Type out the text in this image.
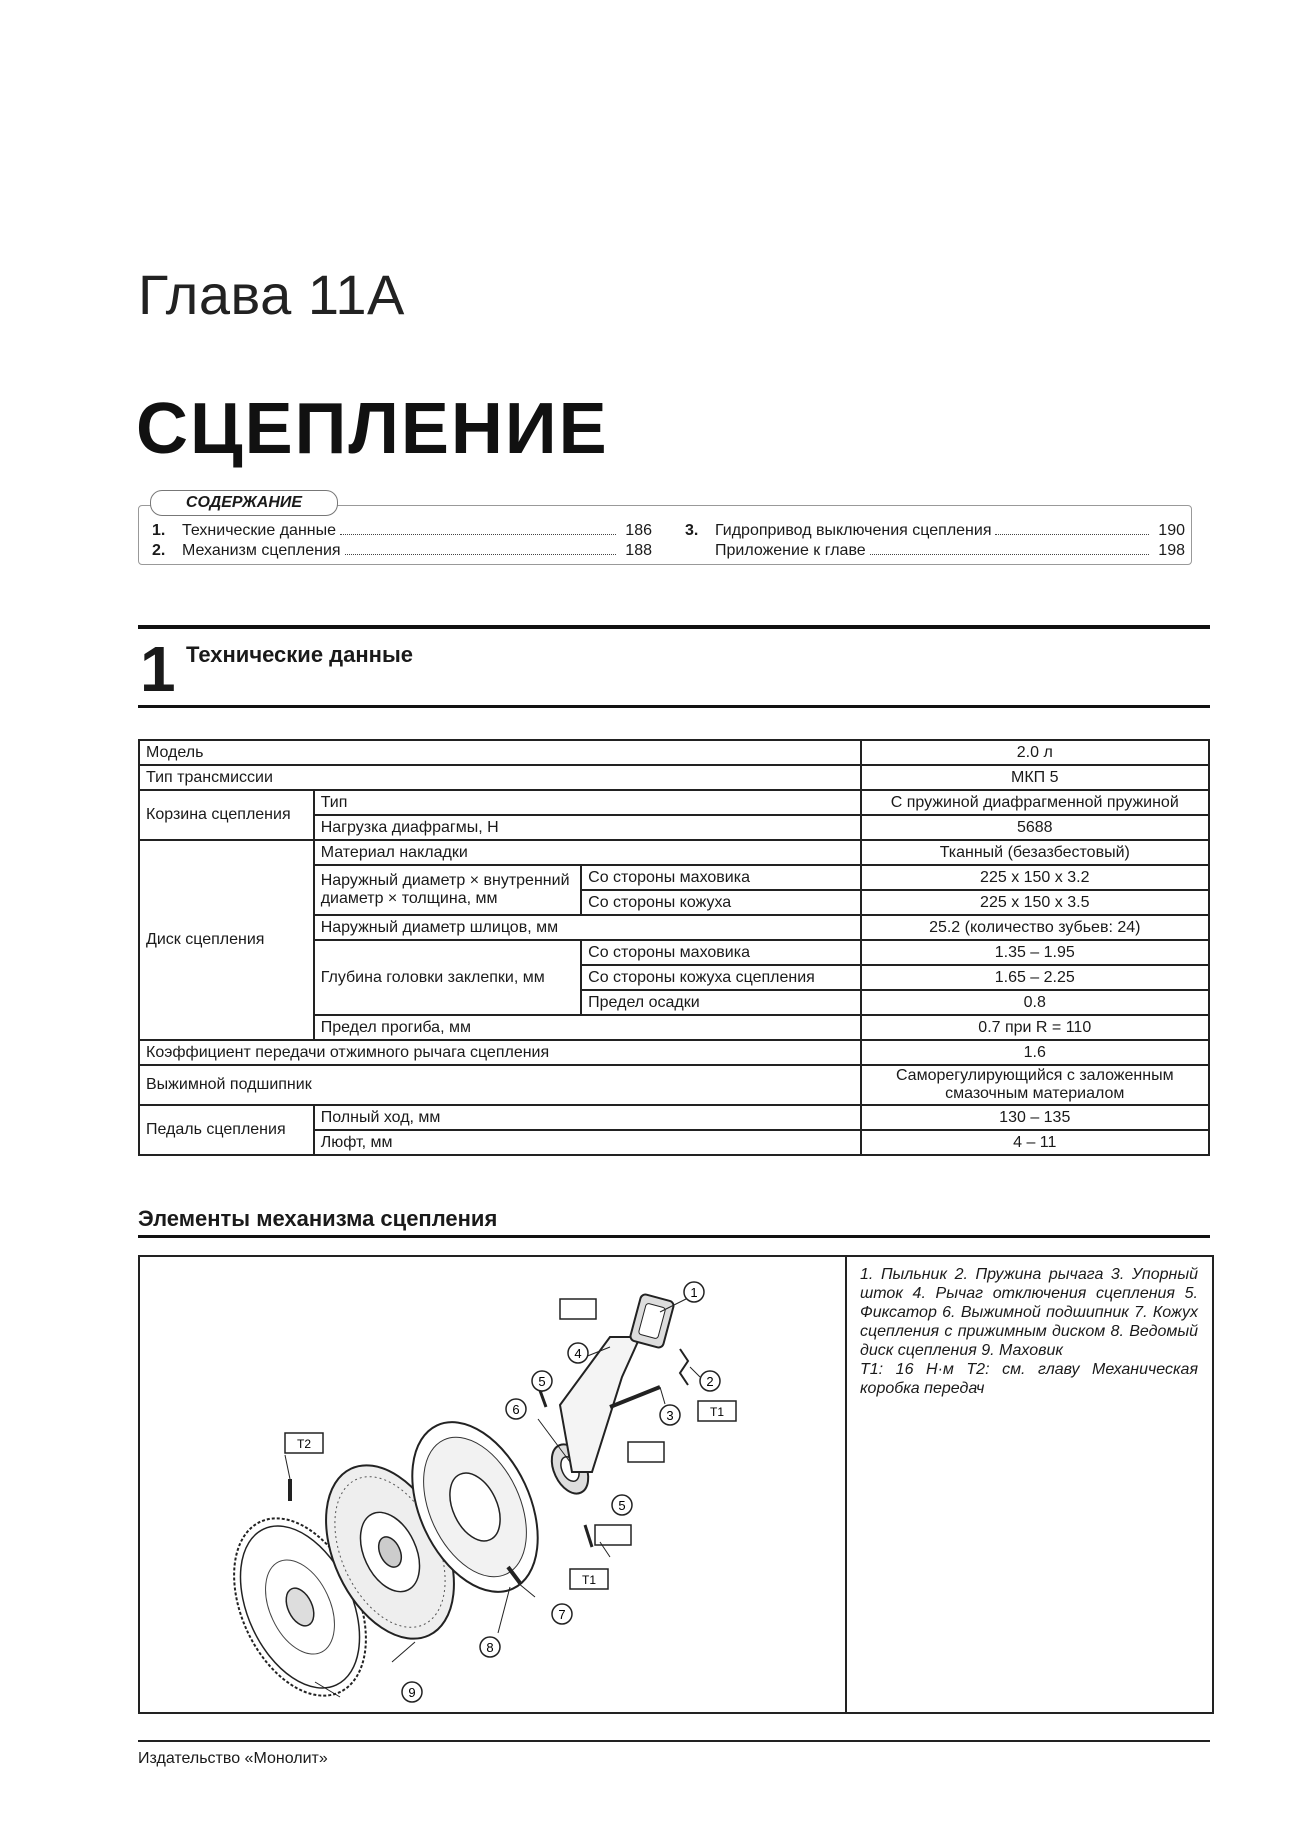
Глава 11А
СЦЕПЛЕНИЕ
СОДЕРЖАНИЕ
1.	Технические данные	186
2.	Механизм сцепления	188
3.	Гидропривод выключения сцепления	190
Приложение к главе	198
1 Технические данные
Модель			2.0 л
Тип трансмиссии			МКП 5
Корзина сцепления	Тип		С пружиной диафрагменной пружиной
	Нагрузка диафрагмы, Н		5688
Диск сцепления	Материал накладки		Тканный (безазбестовый)
	Наружный диаметр × внутренний диаметр × толщина, мм	Со стороны маховика	225 x 150 x 3.2
		Со стороны кожуха	225 x 150 x 3.5
	Наружный диаметр шлицов, мм		25.2 (количество зубьев: 24)
	Глубина головки заклепки, мм	Со стороны маховика	1.35 – 1.95
		Со стороны кожуха сцепления	1.65 – 2.25
		Предел осадки	0.8
	Предел прогиба, мм		0.7 при R = 110
Коэффициент передачи отжимного рычага сцепления			1.6
Выжимной подшипник			Саморегулирующийся с заложенным смазочным материалом
Педаль сцепления	Полный ход, мм		130 – 135
	Люфт, мм		4 – 11
Элементы механизма сцепления
1
2
3
4
5
5
6
7
8
9
T1
T1
T2
1. Пыльник 2. Пружина рычага 3. Упорный шток 4. Рычаг отключения сцепления 5. Фиксатор 6. Выжимной подшипник 7. Кожух сцепления с прижимным диском 8. Ведомый диск сцепления 9. Маховик
T1: 16 Н·м T2: см. главу Механическая коробка передач
Издательство «Монолит»
